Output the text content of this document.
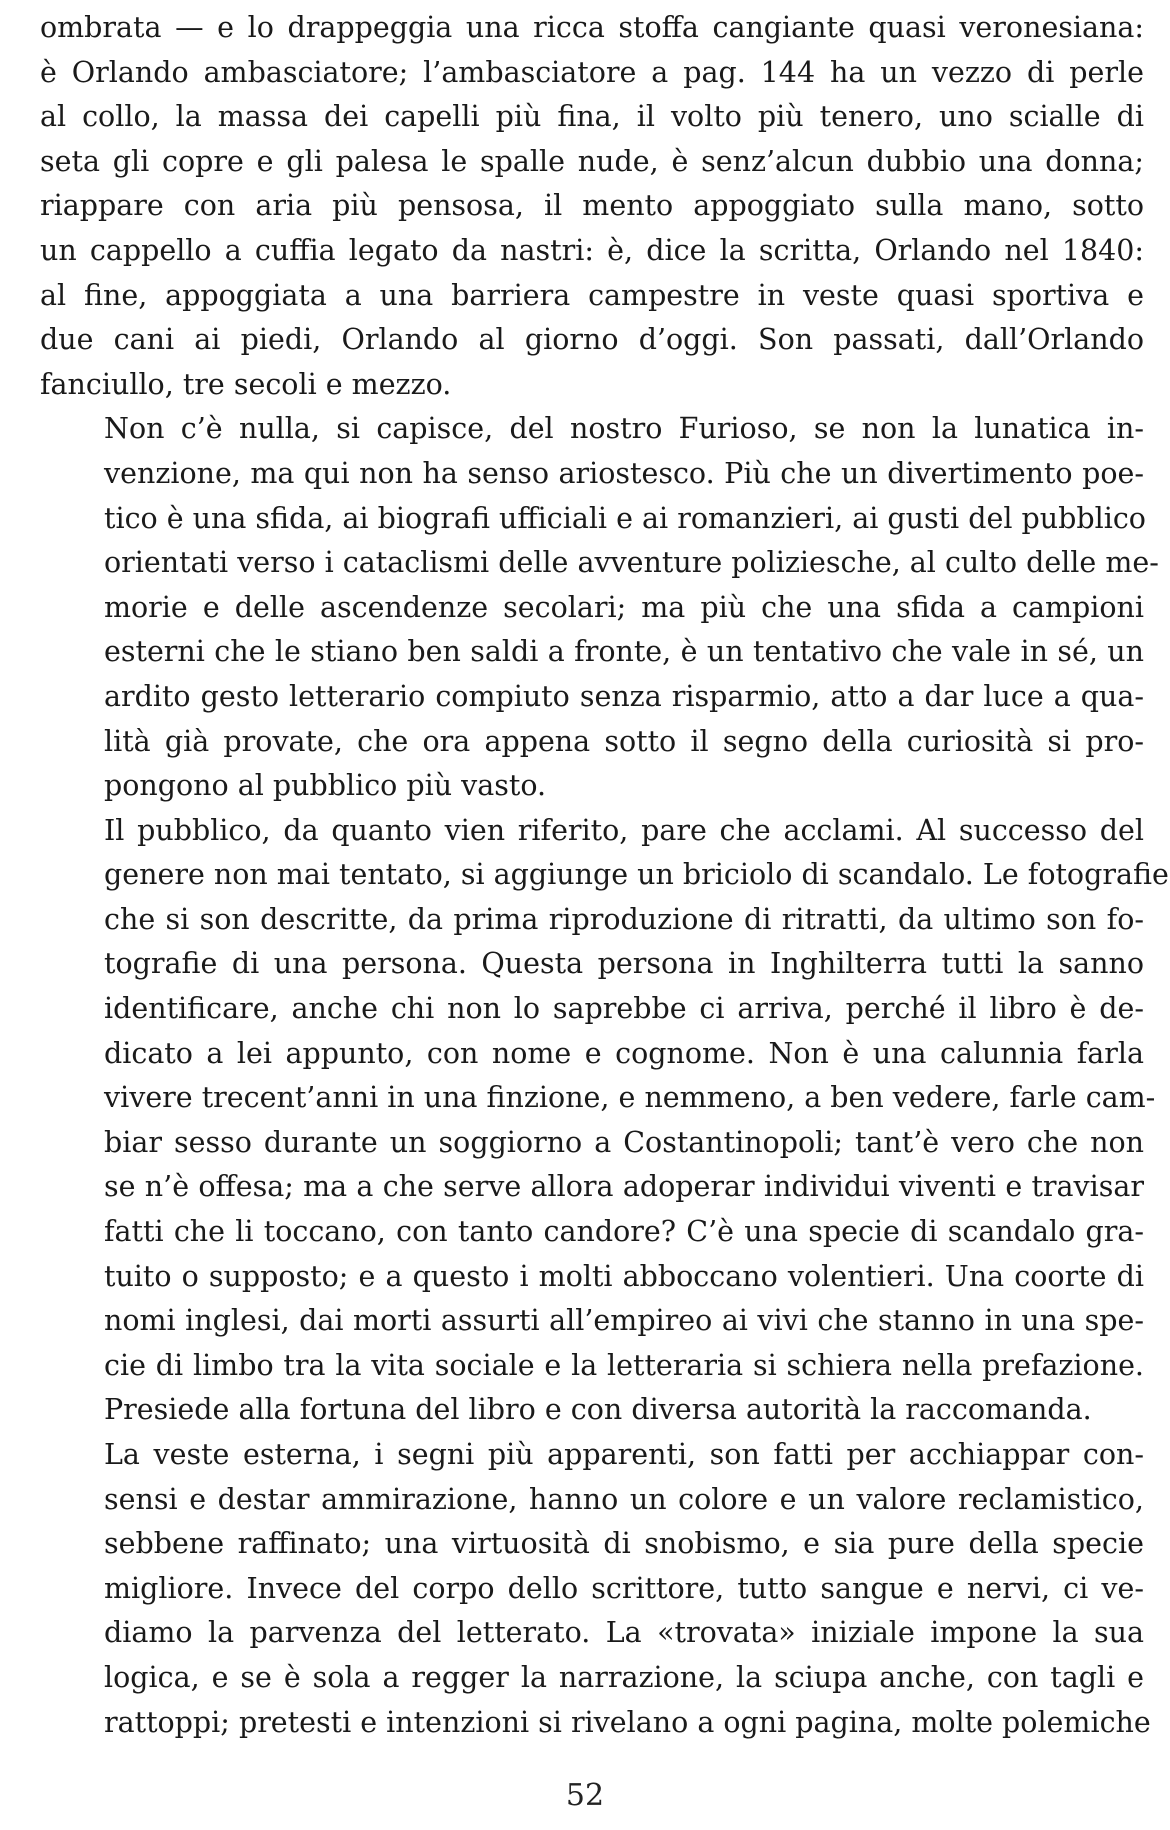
ombrata — e lo drappeggia una ricca stoffa cangiante quasi veronesiana:
è Orlando ambasciatore; l’ambasciatore a pag. 144 ha un vezzo di perle
al collo, la massa dei capelli più fina, il volto più tenero, uno scialle di
seta gli copre e gli palesa le spalle nude, è senz’alcun dubbio una donna;
riappare con aria più pensosa, il mento appoggiato sulla mano, sotto
un cappello a cuffia legato da nastri: è, dice la scritta, Orlando nel 1840:
al fine, appoggiata a una barriera campestre in veste quasi sportiva e
due cani ai piedi, Orlando al giorno d’oggi. Son passati, dall’Orlando
fanciullo, tre secoli e mezzo.

Non c’è nulla, si capisce, del nostro Furioso, se non la lunatica in-
venzione, ma qui non ha senso ariostesco. Più che un divertimento poe-
tico è una sfida, ai biografi ufficiali e ai romanzieri, ai gusti del pubblico
orientati verso i cataclismi delle avventure poliziesche, al culto delle me-
morie e delle ascendenze secolari; ma più che una sfida a campioni
esterni che le stiano ben saldi a fronte, è un tentativo che vale in sé, un
ardito gesto letterario compiuto senza risparmio, atto a dar luce a qua-
lità già provate, che ora appena sotto il segno della curiosità si pro-
pongono al pubblico più vasto.

Il pubblico, da quanto vien riferito, pare che acclami. Al successo del
genere non mai tentato, si aggiunge un briciolo di scandalo. Le fotografie
che si son descritte, da prima riproduzione di ritratti, da ultimo son fo-
tografie di una persona. Questa persona in Inghilterra tutti la sanno
identificare, anche chi non lo saprebbe ci arriva, perché il libro è de-
dicato a lei appunto, con nome e cognome. Non è una calunnia farla
vivere trecent’anni in una finzione, e nemmeno, a ben vedere, farle cam-
biar sesso durante un soggiorno a Costantinopoli; tant’è vero che non
se n’è offesa; ma a che serve allora adoperar individui viventi e travisar
fatti che li toccano, con tanto candore? C’è una specie di scandalo gra-
tuito o supposto; e a questo i molti abboccano volentieri. Una coorte di
nomi inglesi, dai morti assurti all’empireo ai vivi che stanno in una spe-
cie di limbo tra la vita sociale e la letteraria si schiera nella prefazione.
Presiede alla fortuna del libro e con diversa autorità la raccomanda.

La veste esterna, i segni più apparenti, son fatti per acchiappar con-
sensi e destar ammirazione, hanno un colore e un valore reclamistico,
sebbene raffinato; una virtuosità di snobismo, e sia pure della specie
migliore. Invece del corpo dello scrittore, tutto sangue e nervi, ci ve-
diamo la parvenza del letterato. La «trovata» iniziale impone la sua
logica, e se è sola a regger la narrazione, la sciupa anche, con tagli e
rattoppi; pretesti e intenzioni si rivelano a ogni pagina, molte polemiche

52
